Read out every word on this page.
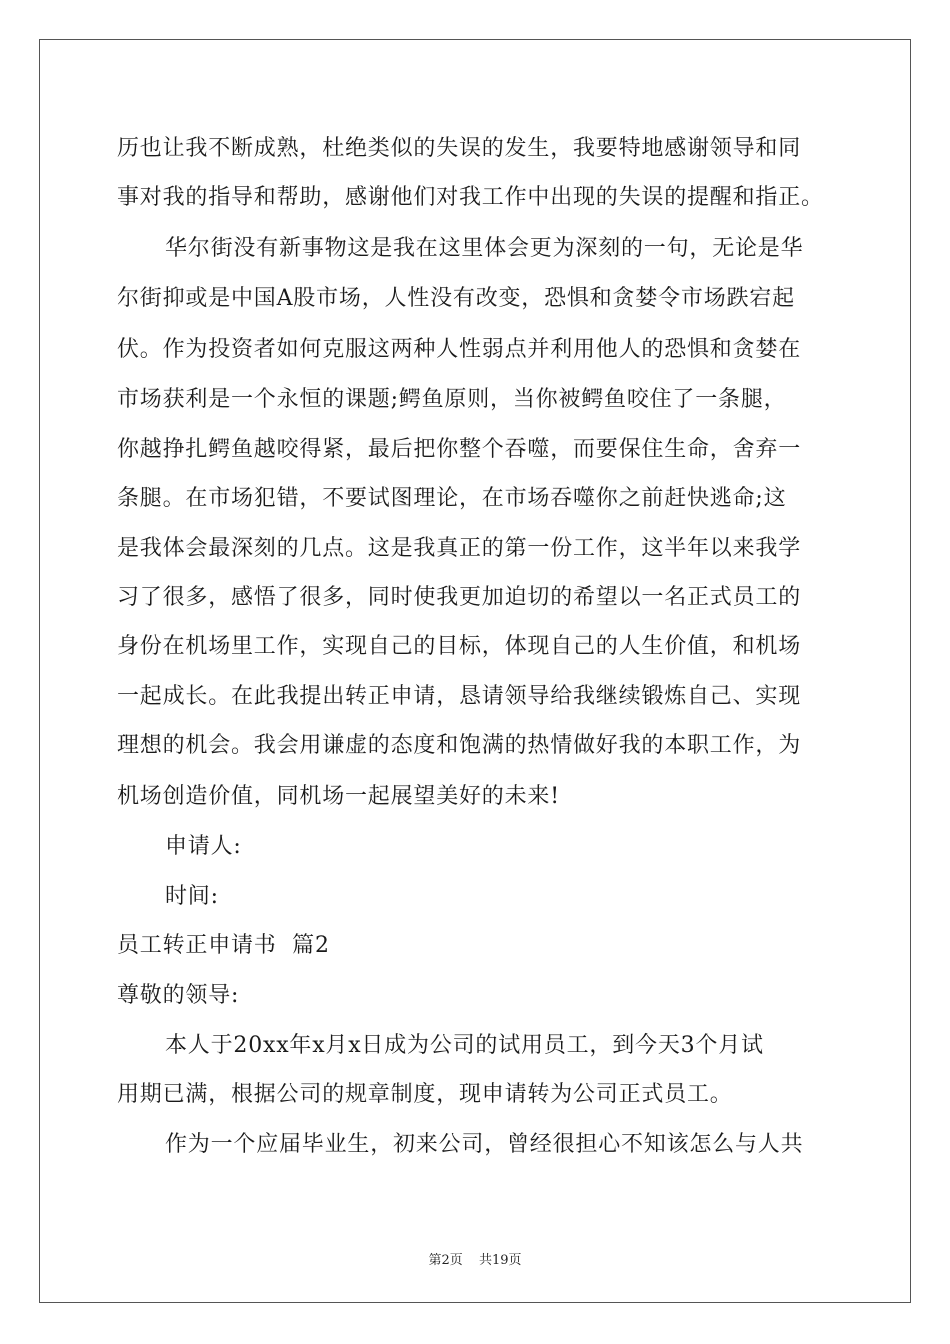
历也让我不断成熟，杜绝类似的失误的发生，我要特地感谢领导和同
事对我的指导和帮助，感谢他们对我工作中出现的失误的提醒和指正。
华尔街没有新事物这是我在这里体会更为深刻的一句，无论是华
尔街抑或是中国A股市场，人性没有改变，恐惧和贪婪令市场跌宕起
伏。作为投资者如何克服这两种人性弱点并利用他人的恐惧和贪婪在
市场获利是一个永恒的课题;鳄鱼原则，当你被鳄鱼咬住了一条腿，
你越挣扎鳄鱼越咬得紧，最后把你整个吞噬，而要保住生命，舍弃一
条腿。在市场犯错，不要试图理论，在市场吞噬你之前赶快逃命;这
是我体会最深刻的几点。这是我真正的第一份工作，这半年以来我学
习了很多，感悟了很多，同时使我更加迫切的希望以一名正式员工的
身份在机场里工作，实现自己的目标，体现自己的人生价值，和机场
一起成长。在此我提出转正申请，恳请领导给我继续锻炼自己、实现
理想的机会。我会用谦虚的态度和饱满的热情做好我的本职工作，为
机场创造价值，同机场一起展望美好的未来!
申请人:
时间:
员工转正申请书  篇2
尊敬的领导:
本人于20xx年x月x日成为公司的试用员工，到今天3个月试
用期已满，根据公司的规章制度，现申请转为公司正式员工。
作为一个应届毕业生，初来公司，曾经很担心不知该怎么与人共
第2页 共19页
